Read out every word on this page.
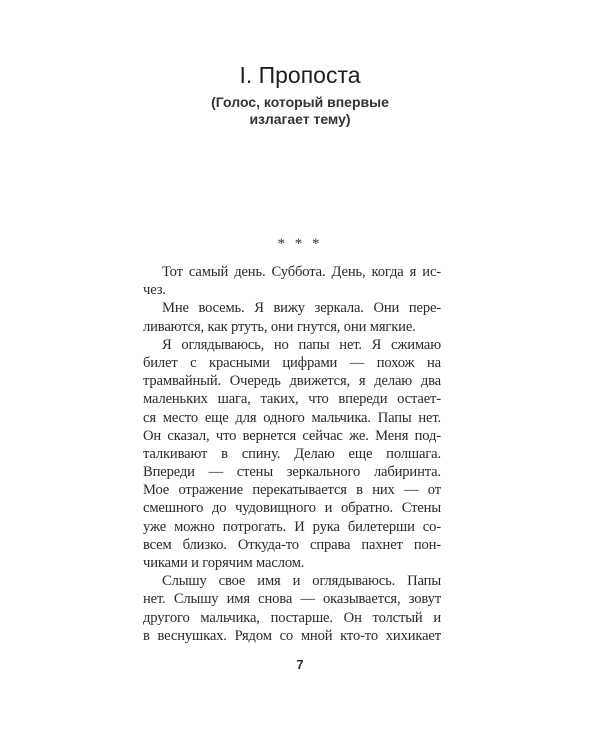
I. Пропоста
(Голос, который впервые
излагает тему)
* * *
Тот самый день. Суббота. День, когда я ис-
чез.
Мне восемь. Я вижу зеркала. Они пере-
ливаются, как ртуть, они гнутся, они мягкие.
Я оглядываюсь, но папы нет. Я сжимаю
билет с красными цифрами — похож на
трамвайный. Очередь движется, я делаю два
маленьких шага, таких, что впереди остает-
ся место еще для одного мальчика. Папы нет.
Он сказал, что вернется сейчас же. Меня под-
талкивают в спину. Делаю еще полшага.
Впереди — стены зеркального лабиринта.
Мое отражение перекатывается в них — от
смешного до чудовищного и обратно. Стены
уже можно потрогать. И рука билетерши со-
всем близко. Откуда-то справа пахнет пон-
чиками и горячим маслом.
Слышу свое имя и оглядываюсь. Папы
нет. Слышу имя снова — оказывается, зовут
другого мальчика, постарше. Он толстый и
в веснушках. Рядом со мной кто-то хихикает
7
